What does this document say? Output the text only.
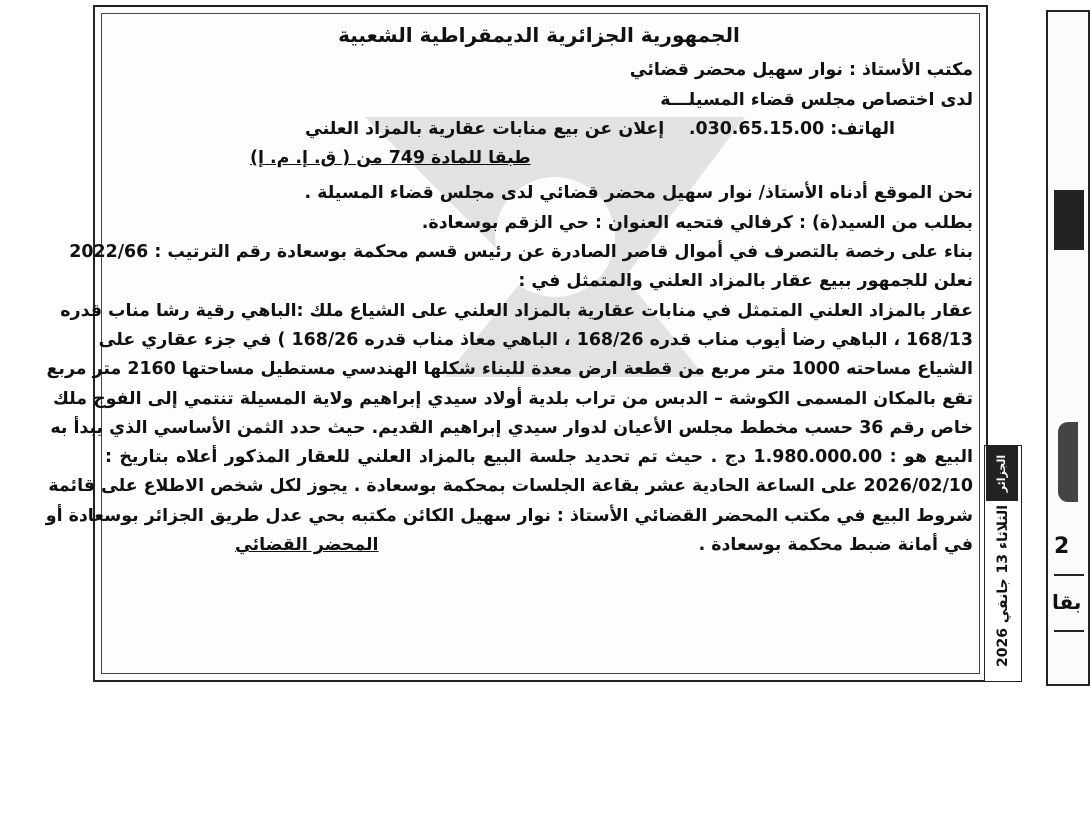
الجمهورية الجزائرية الديمقراطية الشعبية
مكتب الأستاذ : نوار سهيل محضر قضائي
لدى اختصاص مجلس قضاء المسيلـــة
الهاتف: 030.65.15.00.
إعلان عن بيع منابات عقارية بالمزاد العلني
طبقا للمادة 749 من ( ق. إ. م. إ)
نحن الموقع أدناه الأستاذ/ نوار سهيل محضر قضائي لدى مجلس قضاء المسيلة .
بطلب من السيد(ة) : كرفالي فتحيه العنوان : حي الزقم بوسعادة.
بناء على رخصة بالتصرف في أموال قاصر الصادرة عن رئيس قسم محكمة بوسعادة رقم الترتيب : 2022/66
نعلن للجمهور ببيع عقار بالمزاد العلني والمتمثل في :
عقار بالمزاد العلني المتمثل في منابات عقارية بالمزاد العلني على الشياع ملك :الباهي رقية رشا مناب قدره
168/13 ، الباهي رضا أيوب مناب قدره 168/26 ، الباهي معاذ مناب قدره 168/26 ) في جزء عقاري على
الشياع مساحته 1000 متر مربع من قطعة ارض معدة للبناء شكلها الهندسي مستطيل مساحتها 2160 متر مربع
تقع بالمكان المسمى الكوشة – الدبس من تراب بلدية أولاد سيدي إبراهيم ولاية المسيلة تنتمي إلى الفوج ملك
خاص رقم 36 حسب مخطط مجلس الأعيان لدوار سيدي إبراهيم القديم. حيث حدد الثمن الأساسي الذي يبدأ به
البيع هو : 1.980.000.00 دج . حيث تم تحديد جلسة البيع بالمزاد العلني للعقار المذكور أعلاه بتاريخ :
2026/02/10 على الساعة الحادية عشر بقاعة الجلسات بمحكمة بوسعادة . يجوز لكل شخص الاطلاع على قائمة
شروط البيع في مكتب المحضر القضائي الأستاذ : نوار سهيل الكائن مكتبه بحي عدل طريق الجزائر بوسعادة أو
في أمانة ضبط محكمة بوسعادة .
المحضر القضائي
الثلاثاء 13 جانفي 2026
الجزائر
2
بقا
